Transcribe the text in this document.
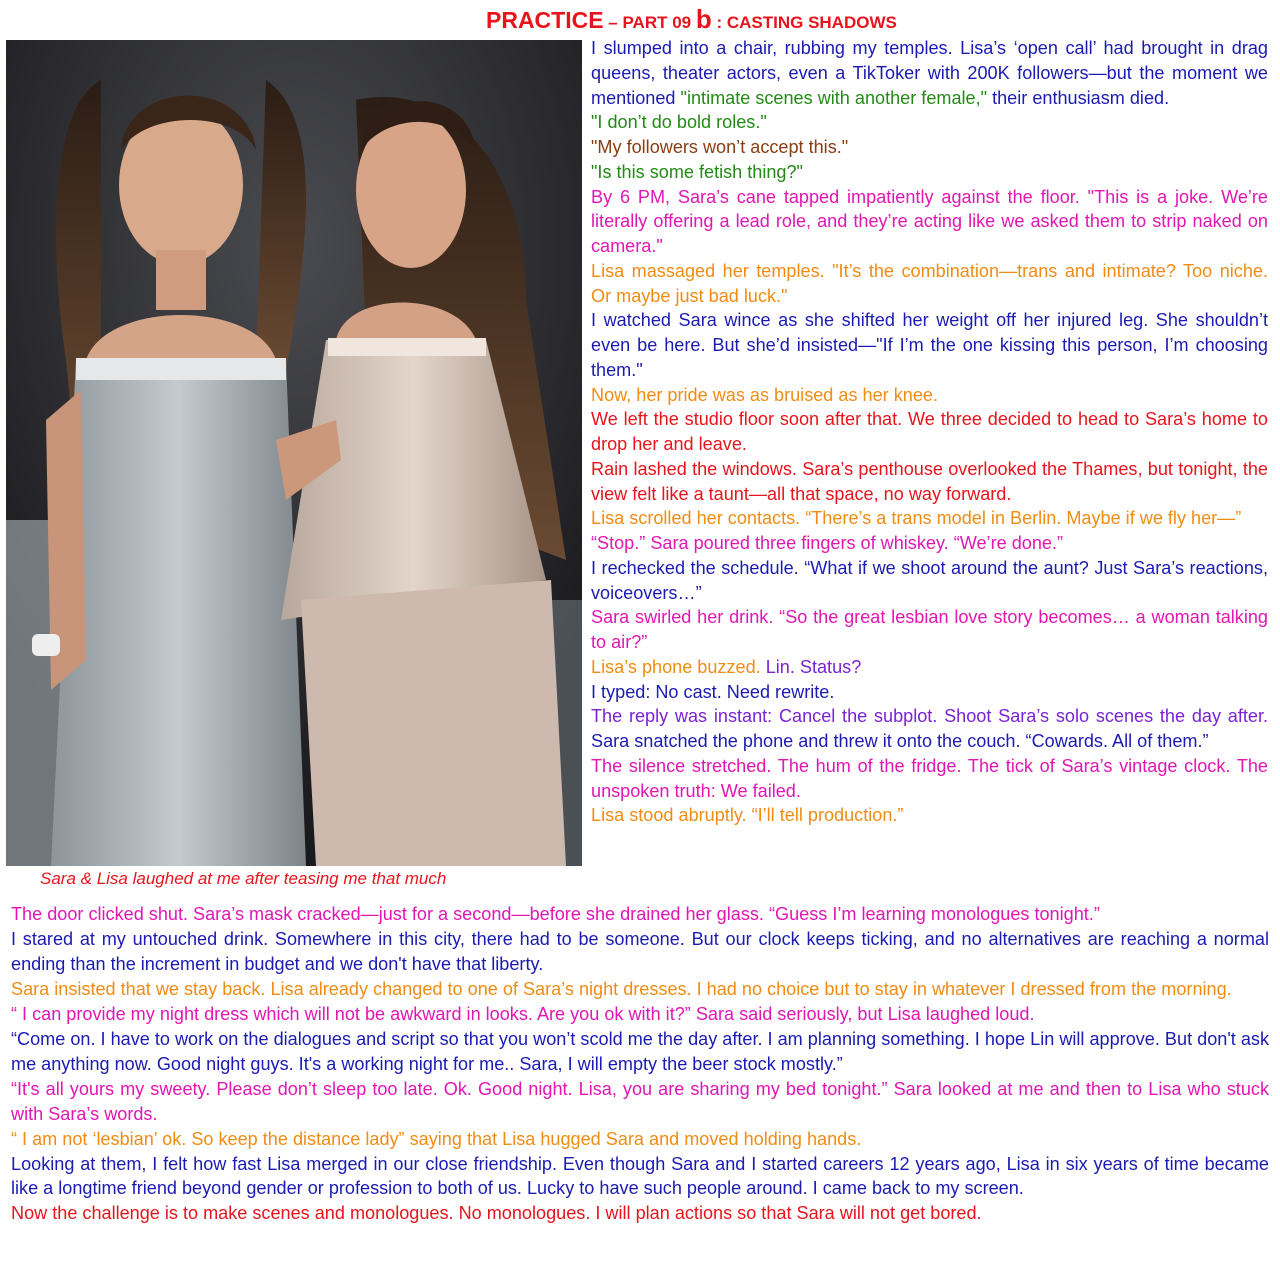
PRACTICE – PART 09 b : CASTING SHADOWS
Sara & Lisa laughed at me after teasing me that much

I slumped into a chair, rubbing my temples. Lisa’s ‘open call’ had brought in drag queens, theater actors, even a TikToker with 200K followers—but the moment we mentioned "intimate scenes with another female," their enthusiasm died.

"I don’t do bold roles."

"My followers won’t accept this."

"Is this some fetish thing?"

By 6 PM, Sara’s cane tapped impatiently against the floor. "This is a joke. We’re literally offering a lead role, and they’re acting like we asked them to strip naked on camera."

Lisa massaged her temples. "It’s the combination—trans and intimate? Too niche. Or maybe just bad luck."

I watched Sara wince as she shifted her weight off her injured leg. She shouldn’t even be here. But she’d insisted—"If I’m the one kissing this person, I’m choosing them."

Now, her pride was as bruised as her knee.

We left the studio floor soon after that. We three decided to head to Sara’s home to drop her and leave.

Rain lashed the windows. Sara’s penthouse overlooked the Thames, but tonight, the view felt like a taunt—all that space, no way forward.

Lisa scrolled her contacts. “There’s a trans model in Berlin. Maybe if we fly her—”

“Stop.” Sara poured three fingers of whiskey. “We’re done.”

I rechecked the schedule. “What if we shoot around the aunt? Just Sara’s reactions, voiceovers…”

Sara swirled her drink. “So the great lesbian love story becomes… a woman talking to air?”

Lisa’s phone buzzed. Lin. Status?

I typed: No cast. Need rewrite.

The reply was instant: Cancel the subplot. Shoot Sara’s solo scenes the day after. Sara snatched the phone and threw it onto the couch. “Cowards. All of them.”

The silence stretched. The hum of the fridge. The tick of Sara’s vintage clock. The unspoken truth: We failed.

Lisa stood abruptly. “I’ll tell production.”

The door clicked shut. Sara’s mask cracked—just for a second—before she drained her glass. “Guess I’m learning monologues tonight.”

I stared at my untouched drink. Somewhere in this city, there had to be someone. But our clock keeps ticking, and no alternatives are reaching a normal ending than the increment in budget and we don't have that liberty.

Sara insisted that we stay back. Lisa already changed to one of Sara’s night dresses. I had no choice but to stay in whatever I dressed from the morning.

“ I can provide my night dress which will not be awkward in looks. Are you ok with it?” Sara said seriously, but Lisa laughed loud.

“Come on. I have to work on the dialogues and script so that you won’t scold me the day after. I am planning something. I hope Lin will approve. But don't ask me anything now. Good night guys. It's a working night for me.. Sara, I will empty the beer stock mostly.”

“It's all yours my sweety. Please don’t sleep too late. Ok. Good night. Lisa, you are sharing my bed tonight.” Sara looked at me and then to Lisa who stuck with Sara’s words.

“ I am not ‘lesbian’ ok. So keep the distance lady” saying that Lisa hugged Sara and moved holding hands.

Looking at them, I felt how fast Lisa merged in our close friendship. Even though Sara and I started careers 12 years ago, Lisa in six years of time became like a longtime friend beyond gender or profession to both of us. Lucky to have such people around. I came back to my screen.

Now the challenge is to make scenes and monologues. No monologues. I will plan actions so that Sara will not get bored.
